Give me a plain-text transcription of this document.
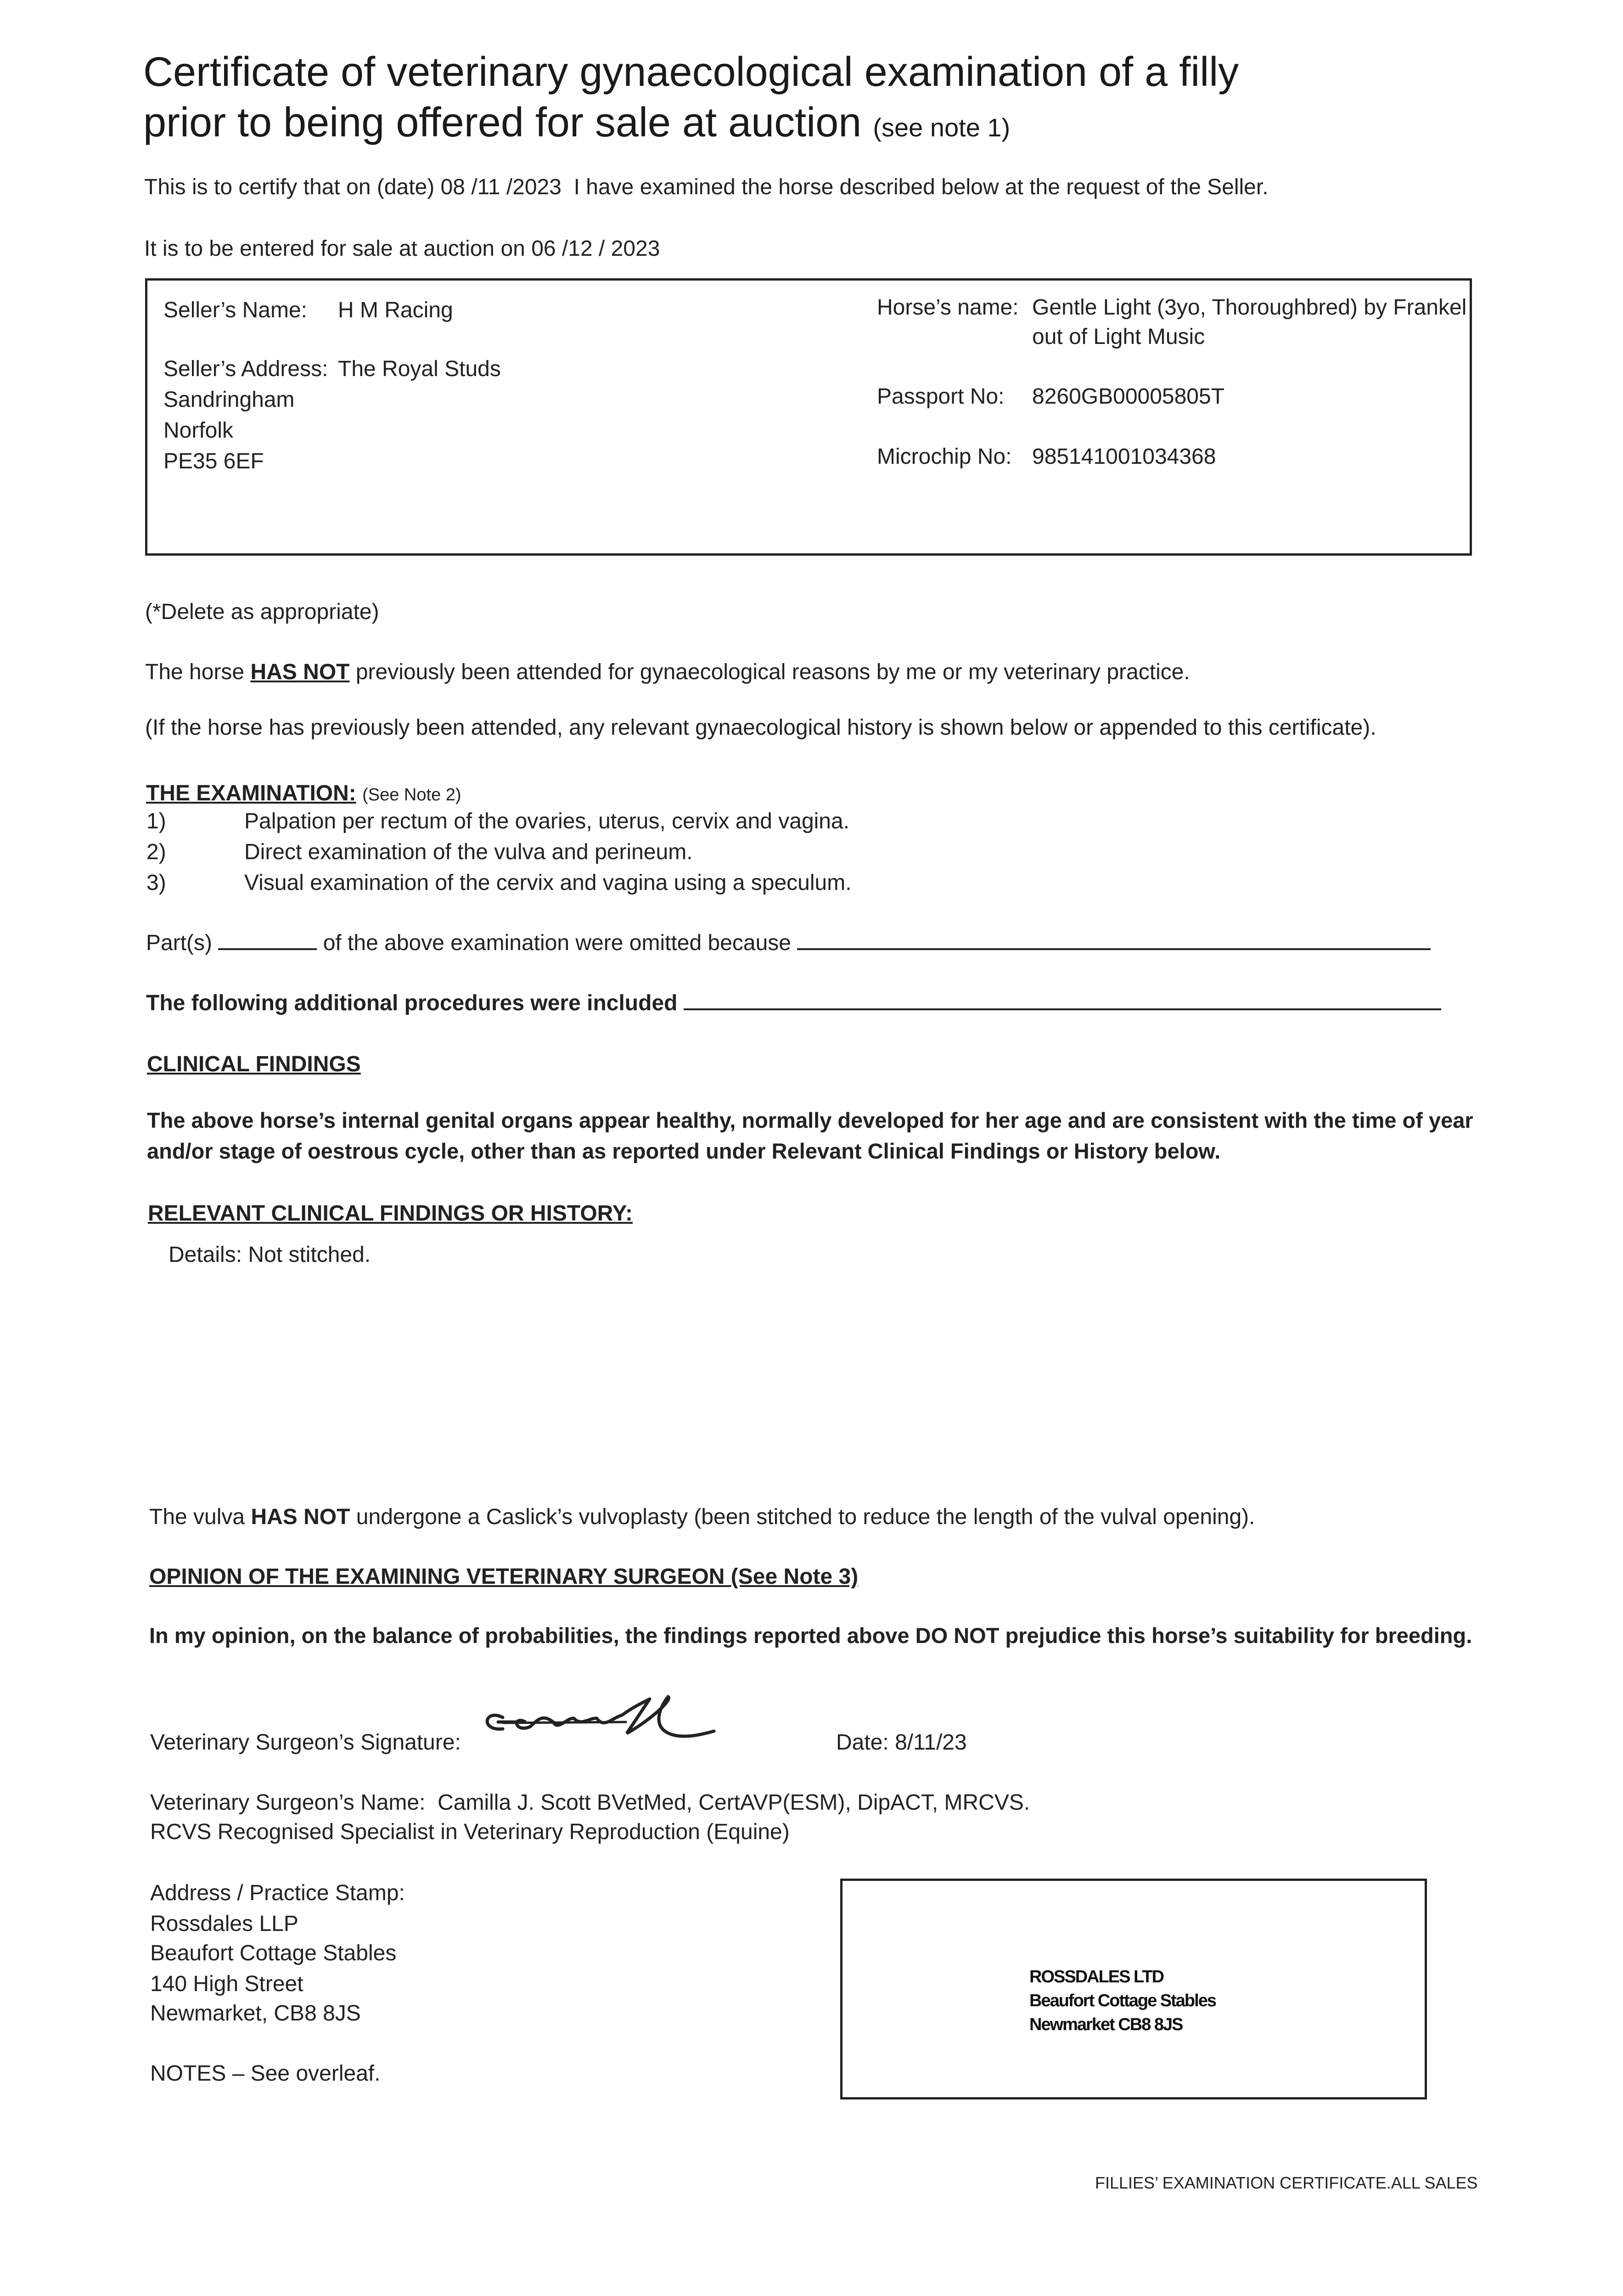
Certificate of veterinary gynaecological examination of a filly
prior to being offered for sale at auction (see note 1)
This is to certify that on (date) 08 /11 /2023 I have examined the horse described below at the request of the Seller.
It is to be entered for sale at auction on 06 /12 / 2023
Seller’s Name: H M Racing
Seller’s Address: The Royal Studs
Sandringham
Norfolk
PE35 6EF
Horse’s name: Gentle Light (3yo, Thoroughbred) by Frankel
out of Light Music
Passport No: 8260GB00005805T
Microchip No: 985141001034368
(*Delete as appropriate)
The horse HAS NOT previously been attended for gynaecological reasons by me or my veterinary practice.
(If the horse has previously been attended, any relevant gynaecological history is shown below or appended to this certificate).
THE EXAMINATION: (See Note 2)
1)	Palpation per rectum of the ovaries, uterus, cervix and vagina.
2)	Direct examination of the vulva and perineum.
3)	Visual examination of the cervix and vagina using a speculum.
Part(s)	of the above examination were omitted because
The following additional procedures were included
CLINICAL FINDINGS
The above horse’s internal genital organs appear healthy, normally developed for her age and are consistent with the time of year
and/or stage of oestrous cycle, other than as reported under Relevant Clinical Findings or History below.
RELEVANT CLINICAL FINDINGS OR HISTORY:
Details: Not stitched.
The vulva HAS NOT undergone a Caslick’s vulvoplasty (been stitched to reduce the length of the vulval opening).
OPINION OF THE EXAMINING VETERINARY SURGEON (See Note 3)
In my opinion, on the balance of probabilities, the findings reported above DO NOT prejudice this horse’s suitability for breeding.
Veterinary Surgeon’s Signature:	Date: 8/11/23
Veterinary Surgeon’s Name: Camilla J. Scott BVetMed, CertAVP(ESM), DipACT, MRCVS.
RCVS Recognised Specialist in Veterinary Reproduction (Equine)
Address / Practice Stamp:
Rossdales LLP
Beaufort Cottage Stables
140 High Street
Newmarket, CB8 8JS
NOTES – See overleaf.
ROSSDALES LTD
Beaufort Cottage Stables
Newmarket CB8 8JS
FILLIES’ EXAMINATION CERTIFICATE.ALL SALES
